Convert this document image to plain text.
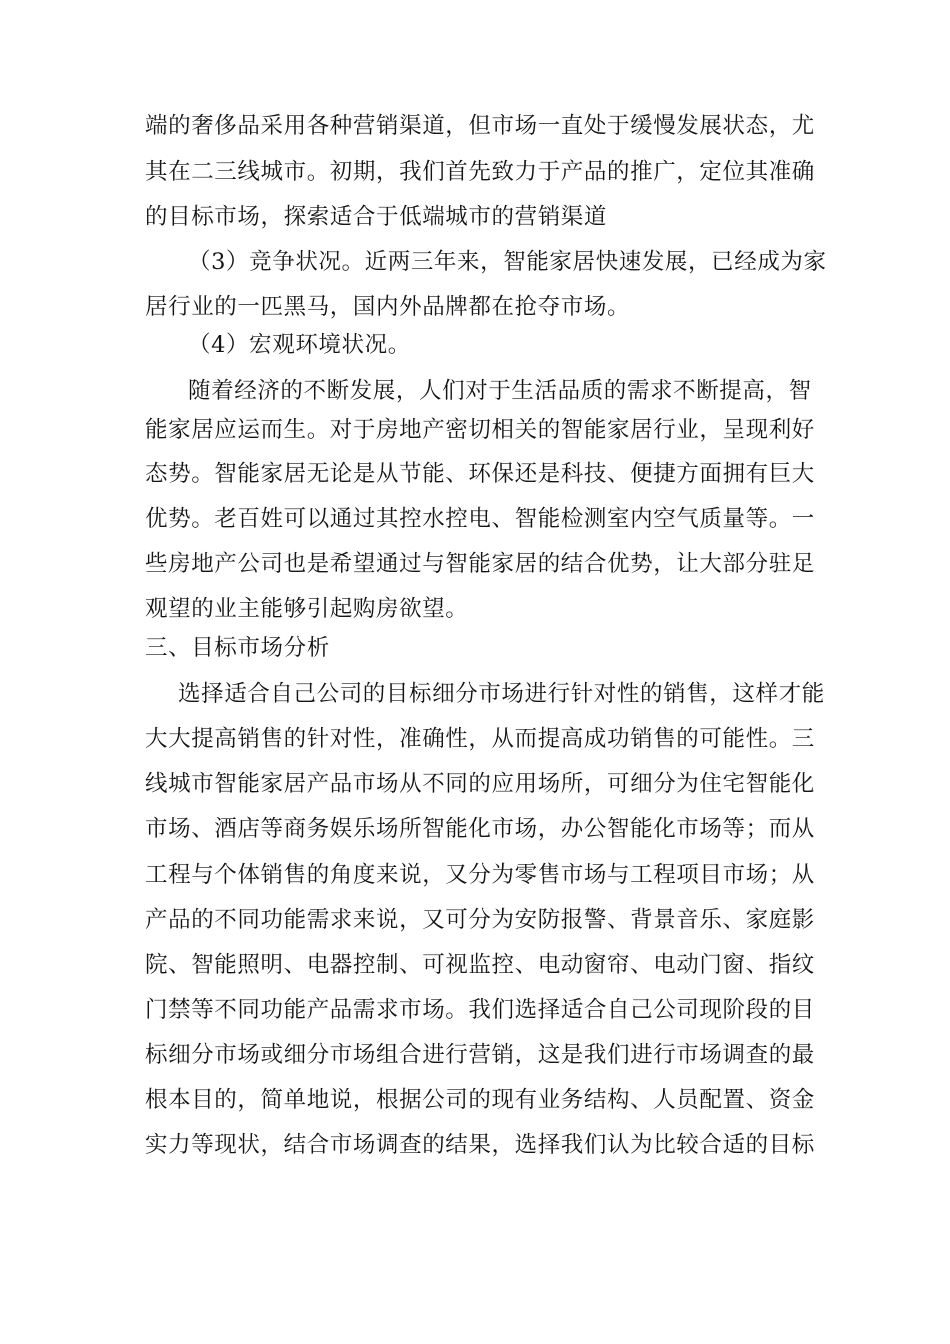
端的奢侈品采用各种营销渠道，但市场一直处于缓慢发展状态，尤
其在二三线城市。初期，我们首先致力于产品的推广，定位其准确
的目标市场，探索适合于低端城市的营销渠道
（3）竞争状况。近两三年来，智能家居快速发展，已经成为家
居行业的一匹黑马，国内外品牌都在抢夺市场。
（4）宏观环境状况。
随着经济的不断发展，人们对于生活品质的需求不断提高，智
能家居应运而生。对于房地产密切相关的智能家居行业，呈现利好
态势。智能家居无论是从节能、环保还是科技、便捷方面拥有巨大
优势。老百姓可以通过其控水控电、智能检测室内空气质量等。一
些房地产公司也是希望通过与智能家居的结合优势，让大部分驻足
观望的业主能够引起购房欲望。
三、目标市场分析
选择适合自己公司的目标细分市场进行针对性的销售，这样才能
大大提高销售的针对性，准确性，从而提高成功销售的可能性。三
线城市智能家居产品市场从不同的应用场所，可细分为住宅智能化
市场、酒店等商务娱乐场所智能化市场，办公智能化市场等；而从
工程与个体销售的角度来说，又分为零售市场与工程项目市场；从
产品的不同功能需求来说，又可分为安防报警、背景音乐、家庭影
院、智能照明、电器控制、可视监控、电动窗帘、电动门窗、指纹
门禁等不同功能产品需求市场。我们选择适合自己公司现阶段的目
标细分市场或细分市场组合进行营销，这是我们进行市场调查的最
根本目的，简单地说，根据公司的现有业务结构、人员配置、资金
实力等现状，结合市场调查的结果，选择我们认为比较合适的目标
